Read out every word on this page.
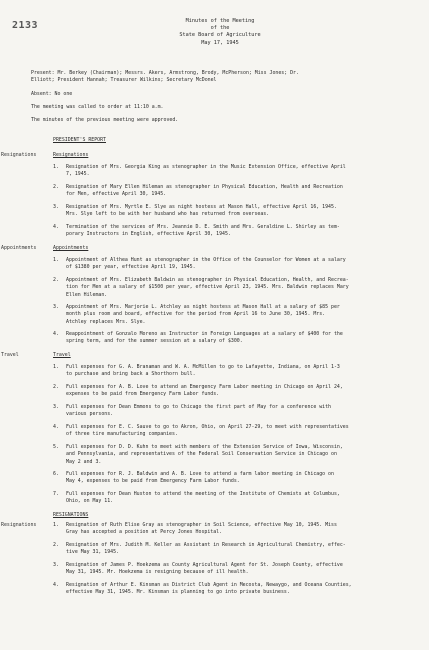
2133	Minutes of the Meeting
of the
State Board of Agriculture
May 17, 1945
Present: Mr. Berkey (Chairman); Messrs. Akers, Armstrong, Brody, McPherson; Miss Jones; Dr.
Elliott; President Hannah; Treasurer Wilkins; Secretary McDonel
Absent: No one
The meeting was called to order at 11:10 a.m.
The minutes of the previous meeting were approved.
PRESIDENT'S REPORT
Resignations	Resignations
1. Resignation of Mrs. Georgia King as stenographer in the Music Extension Office, effective April
7, 1945.
2. Resignation of Mary Ellen Hileman as stenographer in Physical Education, Health and Recreation
for Men, effective April 30, 1945.
3. Resignation of Mrs. Myrtle E. Slye as night hostess at Mason Hall, effective April 16, 1945.
Mrs. Slye left to be with her husband who has returned from overseas.
4. Termination of the services of Mrs. Jeannie D. E. Smith and Mrs. Geraldine L. Shirley as tem-
porary Instructors in English, effective April 30, 1945.
Appointments	Appointments
1. Appointment of Althea Hunt as stenographer in the Office of the Counselor for Women at a salary
of $1380 per year, effective April 19, 1945.
2. Appointment of Mrs. Elizabeth Baldwin as stenographer in Physical Education, Health, and Recrea-
tion for Men at a salary of $1500 per year, effective April 23, 1945. Mrs. Baldwin replaces Mary
Ellen Hileman.
3. Appointment of Mrs. Marjorie L. Atchley as night hostess at Mason Hall at a salary of $85 per
month plus room and board, effective for the period from April 16 to June 30, 1945. Mrs.
Atchley replaces Mrs. Slye.
4. Reappointment of Gonzalo Moreno as Instructor in Foreign Languages at a salary of $400 for the
spring term, and for the summer session at a salary of $300.
Travel	Travel
1. Full expenses for G. A. Branaman and W. A. McMillen to go to Lafayette, Indiana, on April 1-3
to purchase and bring back a Shorthorn bull.
2. Full expenses for A. B. Love to attend an Emergency Farm Labor meeting in Chicago on April 24,
expenses to be paid from Emergency Farm Labor funds.
3. Full expenses for Dean Emmons to go to Chicago the first part of May for a conference with
various persons.
4. Full expenses for E. C. Sauve to go to Akron, Ohio, on April 27-29, to meet with representatives
of three tire manufacturing companies.
5. Full expenses for D. D. Kuhn to meet with members of the Extension Service of Iowa, Wisconsin,
and Pennsylvania, and representatives of the Federal Soil Conservation Service in Chicago on
May 2 and 3.
6. Full expenses for R. J. Baldwin and A. B. Love to attend a farm labor meeting in Chicago on
May 4, expenses to be paid from Emergency Farm Labor funds.
7. Full expenses for Dean Huston to attend the meeting of the Institute of Chemists at Columbus,
Ohio, on May 11.
Resignations
RESIGNATIONS
1. Resignation of Ruth Elise Gray as stenographer in Soil Science, effective May 10, 1945. Miss
Gray has accepted a position at Percy Jones Hospital.
2. Resignation of Mrs. Judith M. Keller as Assistant in Research in Agricultural Chemistry, effec-
tive May 31, 1945.
3. Resignation of James P. Hoekzema as County Agricultural Agent for St. Joseph County, effective
May 31, 1945. Mr. Hoekzema is resigning because of ill health.
4. Resignation of Arthur E. Kinsman as District Club Agent in Mecosta, Newaygo, and Oceana Counties,
effective May 31, 1945. Mr. Kinsman is planning to go into private business.
